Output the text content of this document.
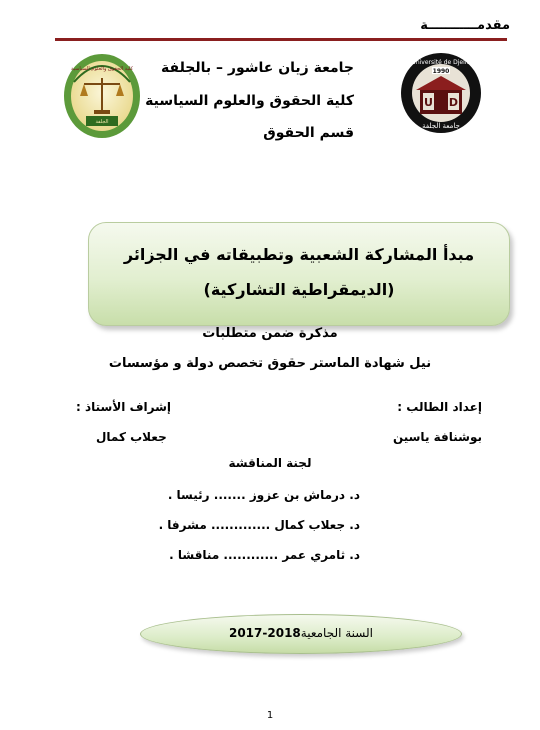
مقدمـــــــــــة
كلية الحقوق والعلوم السياسية
الجلفة
Université de Djelfa
1990
U D
جامعة الجلفة
جامعة زيان عاشور – بالجلفة
كلية الحقوق والعلوم السياسية
قسم الحقوق
مبدأ المشاركة الشعبية وتطبيقاته في الجزائر
(الديمقراطية التشاركية)
مذكرة ضمن متطلبات
نيل شهادة الماستر حقوق تخصص دولة و مؤسسات
إعداد الطالب :
إشراف الأستاذ :
بوشنافة ياسين
جعلاب كمال
لجنة المناقشة
د. درماش بن عزوز ....... رئيسا .
د. جعلاب كمال ............. مشرفا .
د. ثامري عمر ............ مناقشا .
السنة الجامعية2017-2018
1
